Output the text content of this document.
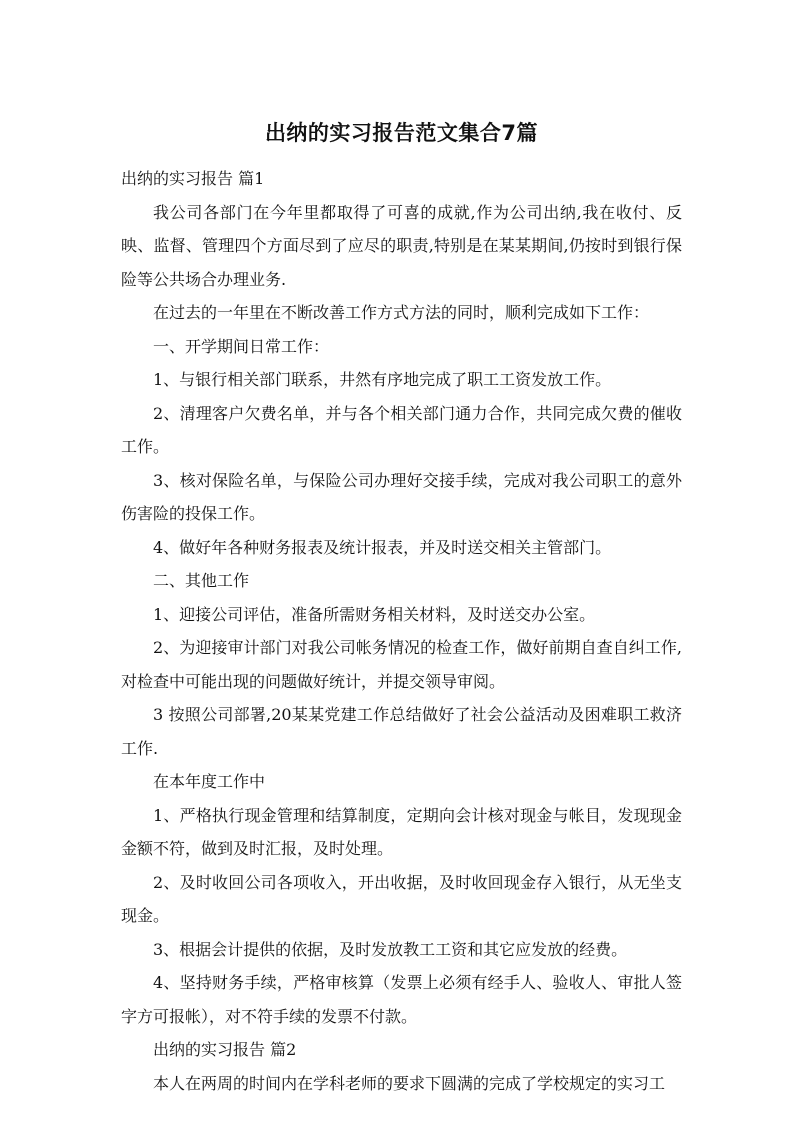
出纳的实习报告范文集合7篇

出纳的实习报告 篇1

我公司各部门在今年里都取得了可喜的成就,作为公司出纳,我在收付、反映、监督、管理四个方面尽到了应尽的职责,特别是在某某期间,仍按时到银行保险等公共场合办理业务.

在过去的一年里在不断改善工作方式方法的同时，顺利完成如下工作：

一、开学期间日常工作：

1、与银行相关部门联系，井然有序地完成了职工工资发放工作。

2、清理客户欠费名单，并与各个相关部门通力合作，共同完成欠费的催收工作。

3、核对保险名单，与保险公司办理好交接手续，完成对我公司职工的意外伤害险的投保工作。

4、做好年各种财务报表及统计报表，并及时送交相关主管部门。

二、其他工作

1、迎接公司评估，准备所需财务相关材料，及时送交办公室。

2、为迎接审计部门对我公司帐务情况的检查工作，做好前期自查自纠工作,对检查中可能出现的问题做好统计，并提交领导审阅。

3 按照公司部署,20某某党建工作总结做好了社会公益活动及困难职工救济工作.

在本年度工作中

1、严格执行现金管理和结算制度，定期向会计核对现金与帐目，发现现金金额不符，做到及时汇报，及时处理。

2、及时收回公司各项收入，开出收据，及时收回现金存入银行，从无坐支现金。

3、根据会计提供的依据，及时发放教工工资和其它应发放的经费。

4、坚持财务手续，严格审核算（发票上必须有经手人、验收人、审批人签字方可报帐），对不符手续的发票不付款。

出纳的实习报告 篇2

本人在两周的时间内在学科老师的要求下圆满的完成了学校规定的实习工
